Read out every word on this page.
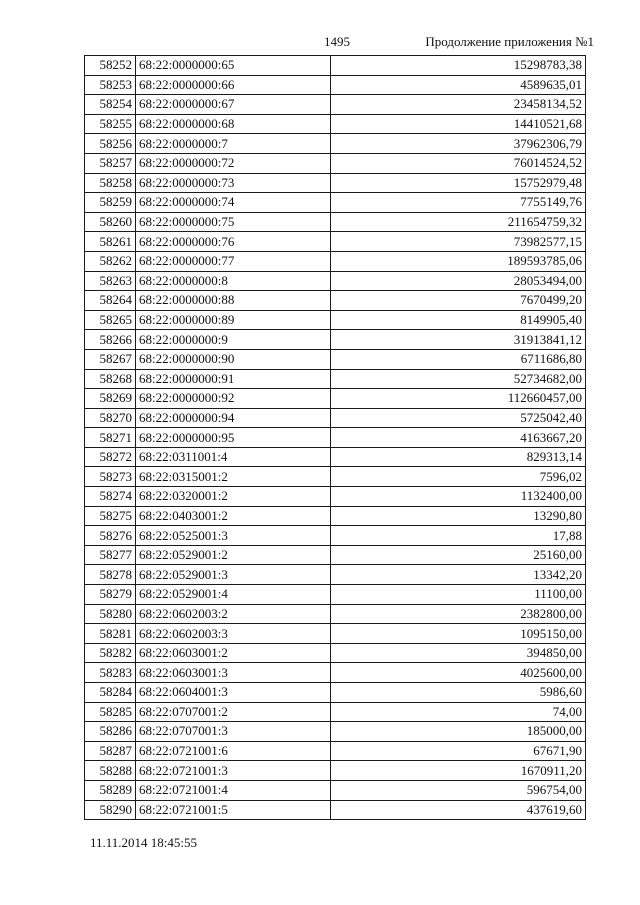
1495	Продолжение приложения №1
58252	68:22:0000000:65	15298783,38
58253	68:22:0000000:66	4589635,01
58254	68:22:0000000:67	23458134,52
58255	68:22:0000000:68	14410521,68
58256	68:22:0000000:7	37962306,79
58257	68:22:0000000:72	76014524,52
58258	68:22:0000000:73	15752979,48
58259	68:22:0000000:74	7755149,76
58260	68:22:0000000:75	211654759,32
58261	68:22:0000000:76	73982577,15
58262	68:22:0000000:77	189593785,06
58263	68:22:0000000:8	28053494,00
58264	68:22:0000000:88	7670499,20
58265	68:22:0000000:89	8149905,40
58266	68:22:0000000:9	31913841,12
58267	68:22:0000000:90	6711686,80
58268	68:22:0000000:91	52734682,00
58269	68:22:0000000:92	112660457,00
58270	68:22:0000000:94	5725042,40
58271	68:22:0000000:95	4163667,20
58272	68:22:0311001:4	829313,14
58273	68:22:0315001:2	7596,02
58274	68:22:0320001:2	1132400,00
58275	68:22:0403001:2	13290,80
58276	68:22:0525001:3	17,88
58277	68:22:0529001:2	25160,00
58278	68:22:0529001:3	13342,20
58279	68:22:0529001:4	11100,00
58280	68:22:0602003:2	2382800,00
58281	68:22:0602003:3	1095150,00
58282	68:22:0603001:2	394850,00
58283	68:22:0603001:3	4025600,00
58284	68:22:0604001:3	5986,60
58285	68:22:0707001:2	74,00
58286	68:22:0707001:3	185000,00
58287	68:22:0721001:6	67671,90
58288	68:22:0721001:3	1670911,20
58289	68:22:0721001:4	596754,00
58290	68:22:0721001:5	437619,60
11.11.2014 18:45:55
